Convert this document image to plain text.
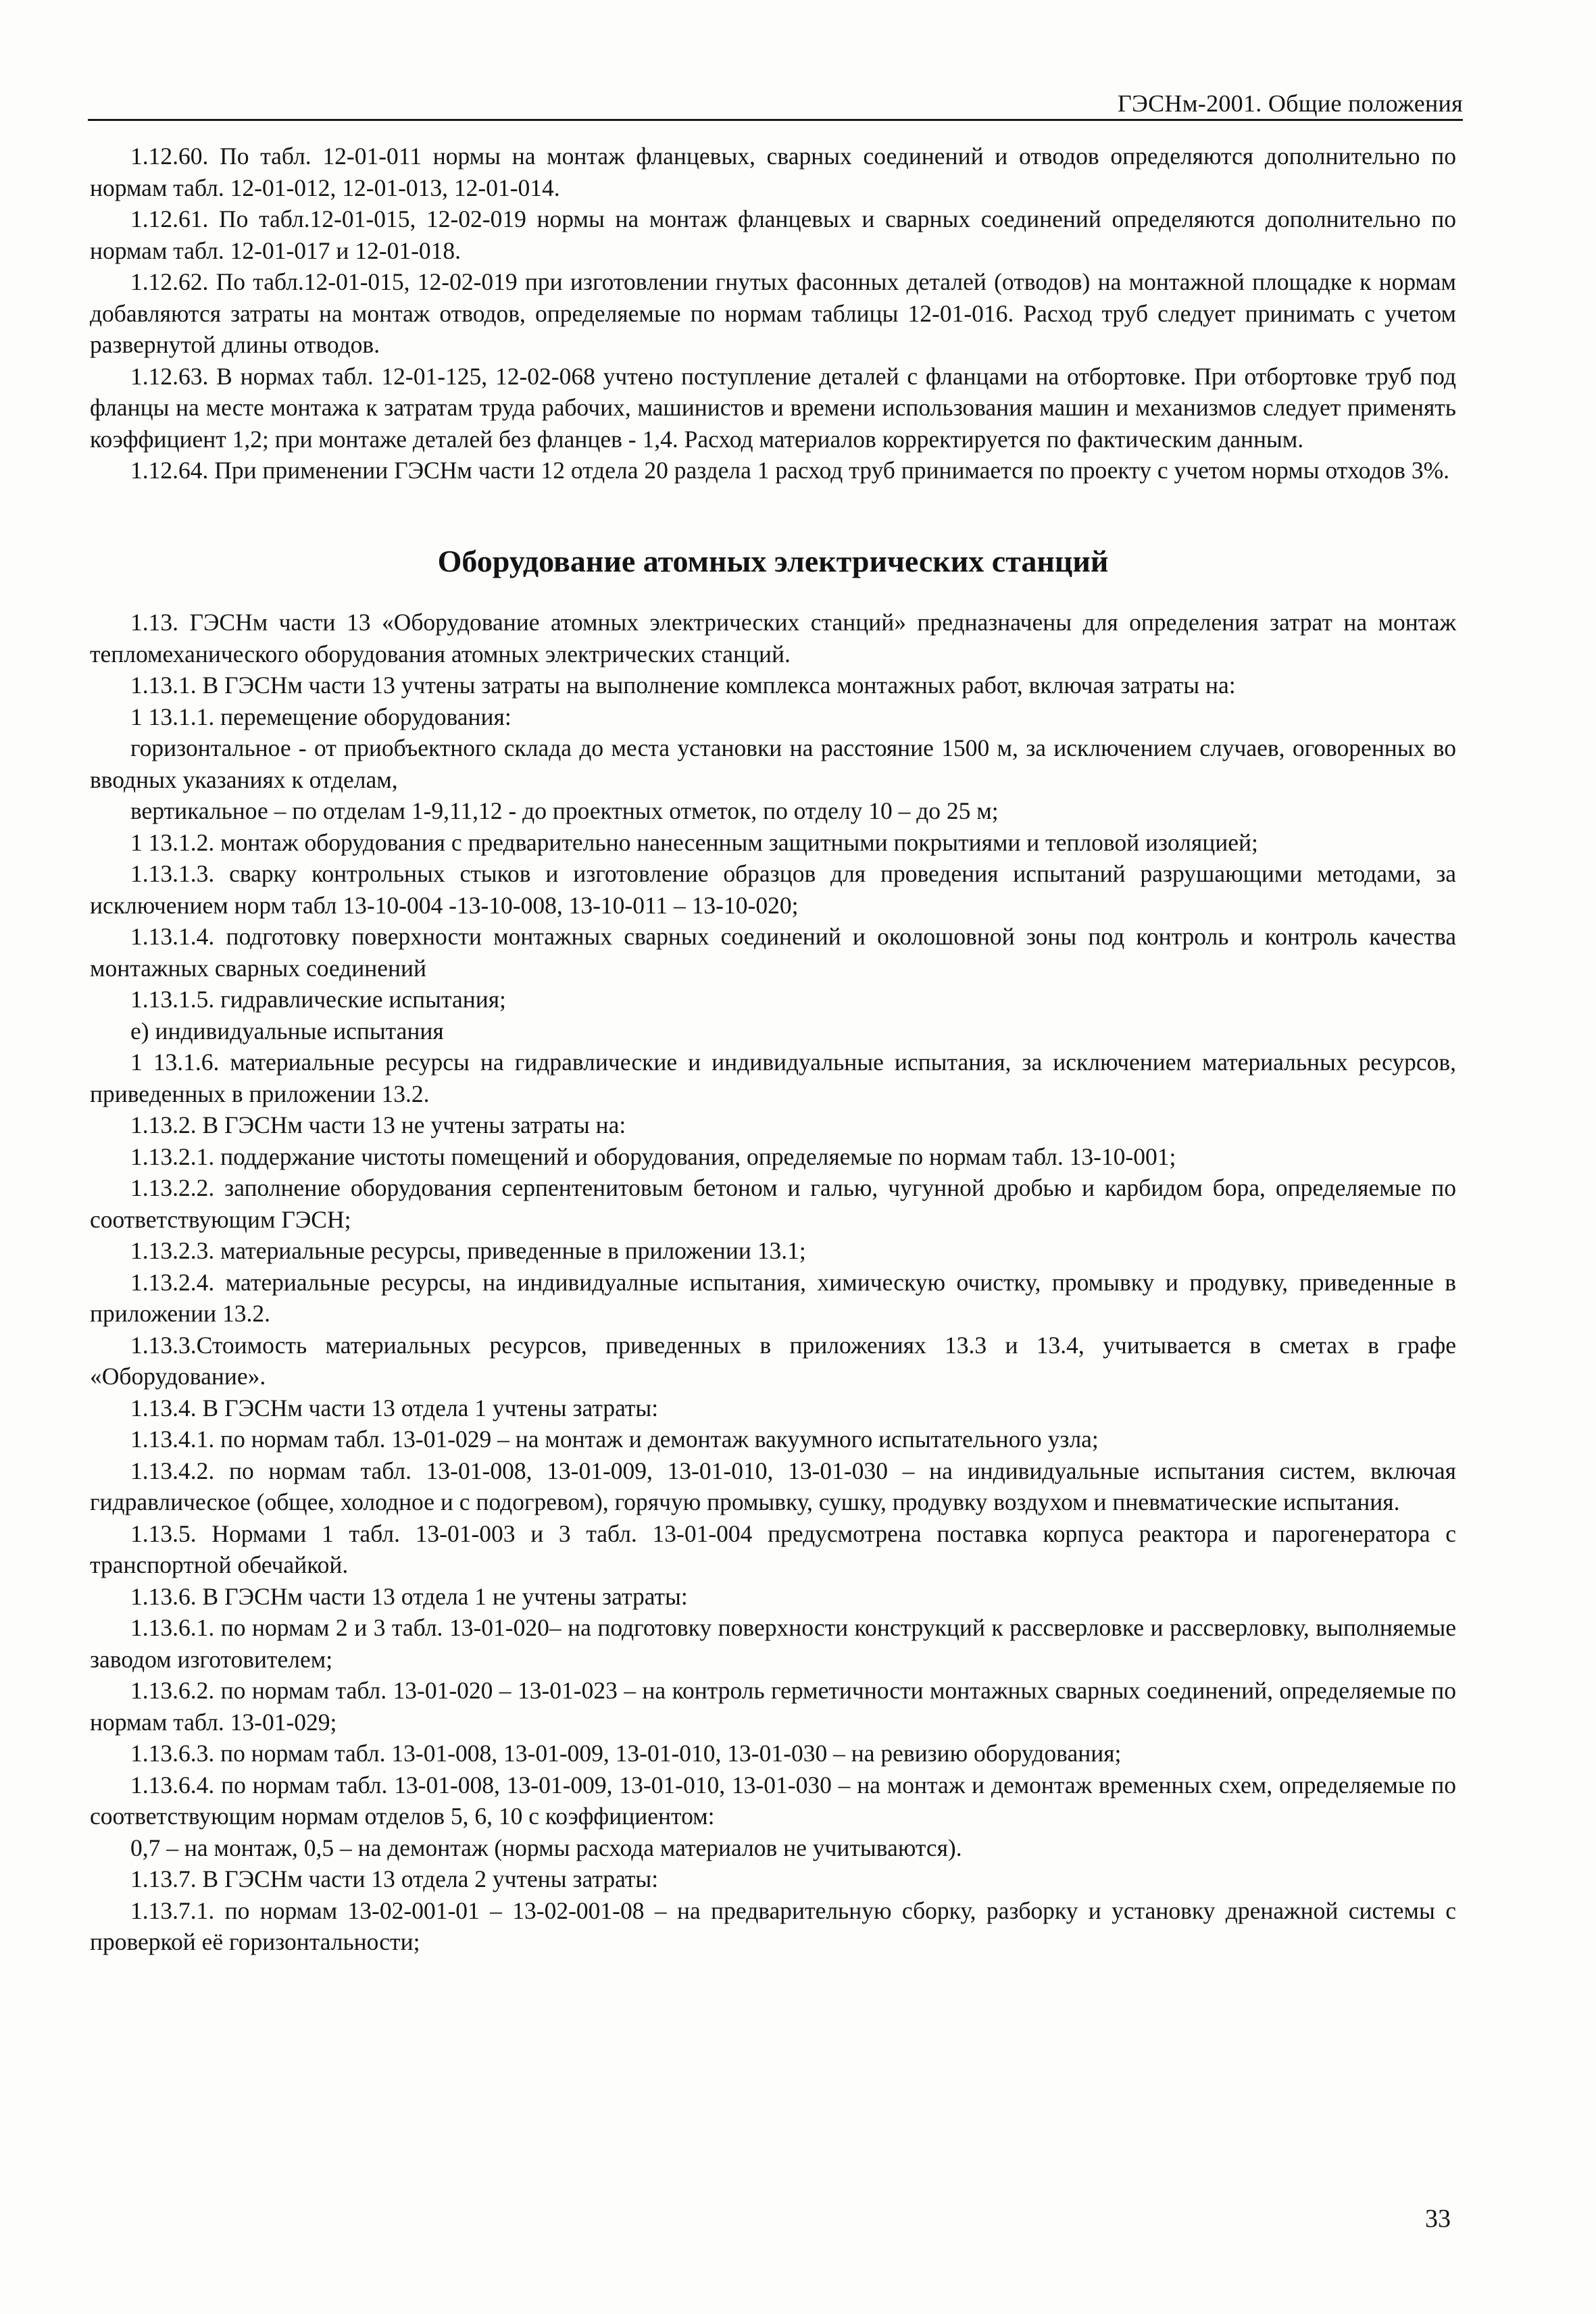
ГЭСНм-2001. Общие положения

1.12.60. По табл. 12-01-011 нормы на монтаж фланцевых, сварных соединений и отводов определяются дополнительно по нормам табл. 12-01-012, 12-01-013, 12-01-014.

1.12.61. По табл.12-01-015, 12-02-019 нормы на монтаж фланцевых и сварных соединений определяются дополнительно по нормам табл. 12-01-017 и 12-01-018.

1.12.62. По табл.12-01-015, 12-02-019 при изготовлении гнутых фасонных деталей (отводов) на монтажной площадке к нормам добавляются затраты на монтаж отводов, определяемые по нормам таблицы 12-01-016. Расход труб следует принимать с учетом развернутой длины отводов.

1.12.63. В нормах табл. 12-01-125, 12-02-068 учтено поступление деталей с фланцами на отбортовке. При отбортовке труб под фланцы на месте монтажа к затратам труда рабочих, машинистов и времени использования машин и механизмов следует применять коэффициент 1,2; при монтаже деталей без фланцев - 1,4. Расход материалов корректируется по фактическим данным.

1.12.64. При применении ГЭСНм части 12 отдела 20 раздела 1 расход труб принимается по проекту с учетом нормы отходов 3%.

Оборудование атомных электрических станций

1.13. ГЭСНм части 13 «Оборудование атомных электрических станций» предназначены для определения затрат на монтаж тепломеханического оборудования атомных электрических станций.

1.13.1. В ГЭСНм части 13 учтены затраты на выполнение комплекса монтажных работ, включая затраты на:

1 13.1.1. перемещение оборудования:

горизонтальное - от приобъектного склада до места установки на расстояние 1500 м, за исключением случаев, оговоренных во вводных указаниях к отделам,

вертикальное – по отделам 1-9,11,12 - до проектных отметок, по отделу 10 – до 25 м;

1 13.1.2. монтаж оборудования с предварительно нанесенным защитными покрытиями и тепловой изоляцией;

1.13.1.3. сварку контрольных стыков и изготовление образцов для проведения испытаний разрушающими методами, за исключением норм табл 13-10-004 -13-10-008, 13-10-011 – 13-10-020;

1.13.1.4. подготовку поверхности монтажных сварных соединений и околошовной зоны под контроль и контроль качества монтажных сварных соединений

1.13.1.5. гидравлические испытания;

е) индивидуальные испытания

1 13.1.6. материальные ресурсы на гидравлические и индивидуальные испытания, за исключением материальных ресурсов, приведенных в приложении 13.2.

1.13.2. В ГЭСНм части 13 не учтены затраты на:

1.13.2.1. поддержание чистоты помещений и оборудования, определяемые по нормам табл. 13-10-001;

1.13.2.2. заполнение оборудования серпентенитовым бетоном и галью, чугунной дробью и карбидом бора, определяемые по соответствующим ГЭСН;

1.13.2.3. материальные ресурсы, приведенные в приложении 13.1;

1.13.2.4. материальные ресурсы, на индивидуалные испытания, химическую очистку, промывку и продувку, приведенные в приложении 13.2.

1.13.3.Стоимость материальных ресурсов, приведенных в приложениях 13.3 и 13.4, учитывается в сметах в графе «Оборудование».

1.13.4. В ГЭСНм части 13 отдела 1 учтены затраты:

1.13.4.1. по нормам табл. 13-01-029 – на монтаж и демонтаж вакуумного испытательного узла;

1.13.4.2. по нормам табл. 13-01-008, 13-01-009, 13-01-010, 13-01-030 – на индивидуальные испытания систем, включая гидравлическое (общее, холодное и с подогревом), горячую промывку, сушку, продувку воздухом и пневматические испытания.

1.13.5. Нормами 1 табл. 13-01-003 и 3 табл. 13-01-004 предусмотрена поставка корпуса реактора и парогенератора с транспортной обечайкой.

1.13.6. В ГЭСНм части 13 отдела 1 не учтены затраты:

1.13.6.1. по нормам 2 и 3 табл. 13-01-020– на подготовку поверхности конструкций к рассверловке и рассверловку, выполняемые заводом изготовителем;

1.13.6.2. по нормам табл. 13-01-020 – 13-01-023 – на контроль герметичности монтажных сварных соединений, определяемые по нормам табл. 13-01-029;

1.13.6.3. по нормам табл. 13-01-008, 13-01-009, 13-01-010, 13-01-030 – на ревизию оборудования;

1.13.6.4. по нормам табл. 13-01-008, 13-01-009, 13-01-010, 13-01-030 – на монтаж и демонтаж временных схем, определяемые по соответствующим нормам отделов 5, 6, 10 с коэффициентом:

0,7 – на монтаж, 0,5 – на демонтаж (нормы расхода материалов не учитываются).

1.13.7. В ГЭСНм части 13 отдела 2 учтены затраты:

1.13.7.1. по нормам 13-02-001-01 – 13-02-001-08 – на предварительную сборку, разборку и установку дренажной системы с проверкой её горизонтальности;

33
